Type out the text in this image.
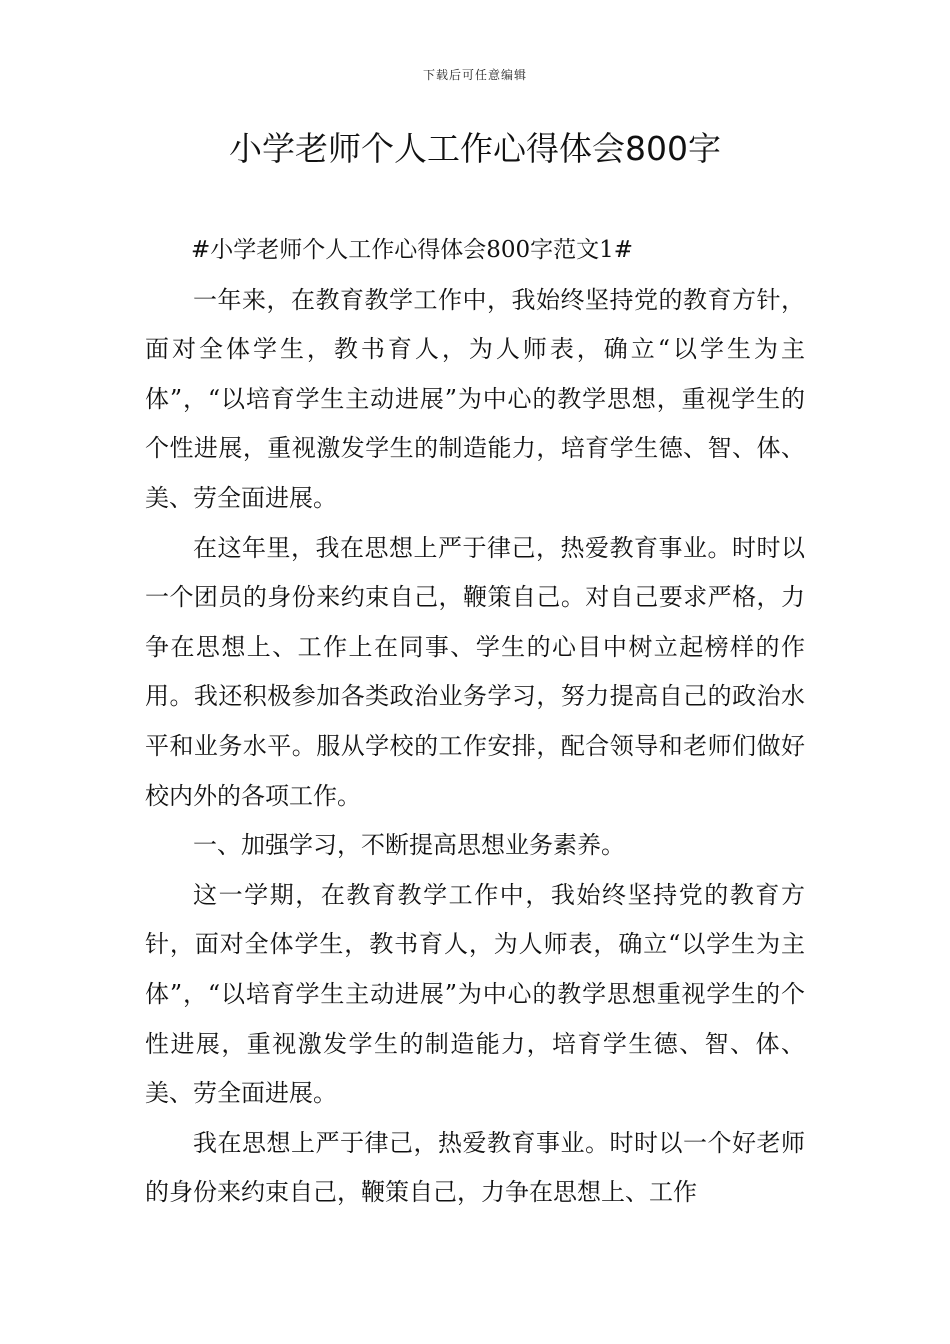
下载后可任意编辑
小学老师个人工作心得体会800字

#小学老师个人工作心得体会800字范文1#

一年来，在教育教学工作中，我始终坚持党的教育方针，面对全体学生，教书育人，为人师表，确立“以学生为主体”，“以培育学生主动进展”为中心的教学思想，重视学生的个性进展，重视激发学生的制造能力，培育学生德、智、体、美、劳全面进展。

在这年里，我在思想上严于律己，热爱教育事业。时时以一个团员的身份来约束自己，鞭策自己。对自己要求严格，力争在思想上、工作上在同事、学生的心目中树立起榜样的作用。我还积极参加各类政治业务学习，努力提高自己的政治水平和业务水平。服从学校的工作安排，配合领导和老师们做好校内外的各项工作。

一、加强学习，不断提高思想业务素养。

这一学期，在教育教学工作中，我始终坚持党的教育方针，面对全体学生，教书育人，为人师表，确立“以学生为主体”，“以培育学生主动进展”为中心的教学思想重视学生的个性进展，重视激发学生的制造能力，培育学生德、智、体、美、劳全面进展。

我在思想上严于律己，热爱教育事业。时时以一个好老师的身份来约束自己，鞭策自己，力争在思想上、工作
